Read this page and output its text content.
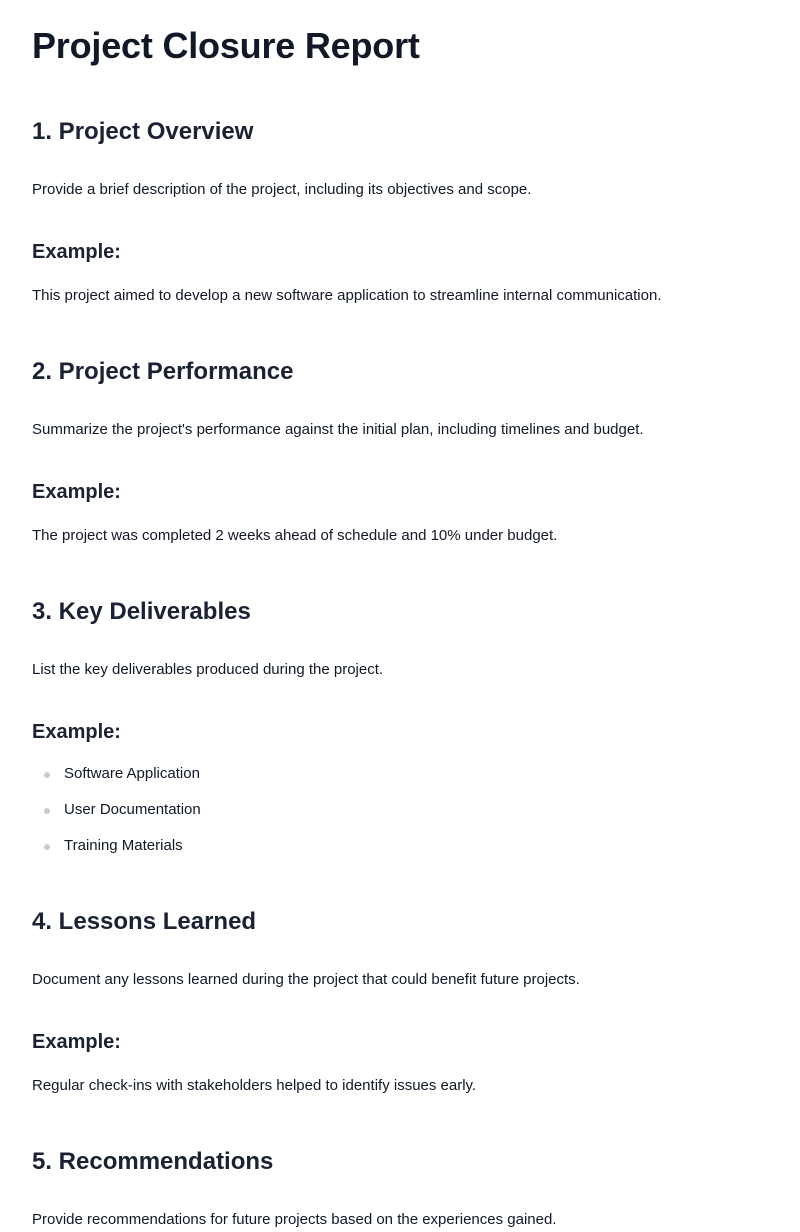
Project Closure Report
1. Project Overview

Provide a brief description of the project, including its objectives and scope.

Example:

This project aimed to develop a new software application to streamline internal communication.

2. Project Performance

Summarize the project's performance against the initial plan, including timelines and budget.

Example:

The project was completed 2 weeks ahead of schedule and 10% under budget.

3. Key Deliverables

List the key deliverables produced during the project.

Example:
Software Application
User Documentation
Training Materials
4. Lessons Learned

Document any lessons learned during the project that could benefit future projects.

Example:

Regular check-ins with stakeholders helped to identify issues early.

5. Recommendations

Provide recommendations for future projects based on the experiences gained.
